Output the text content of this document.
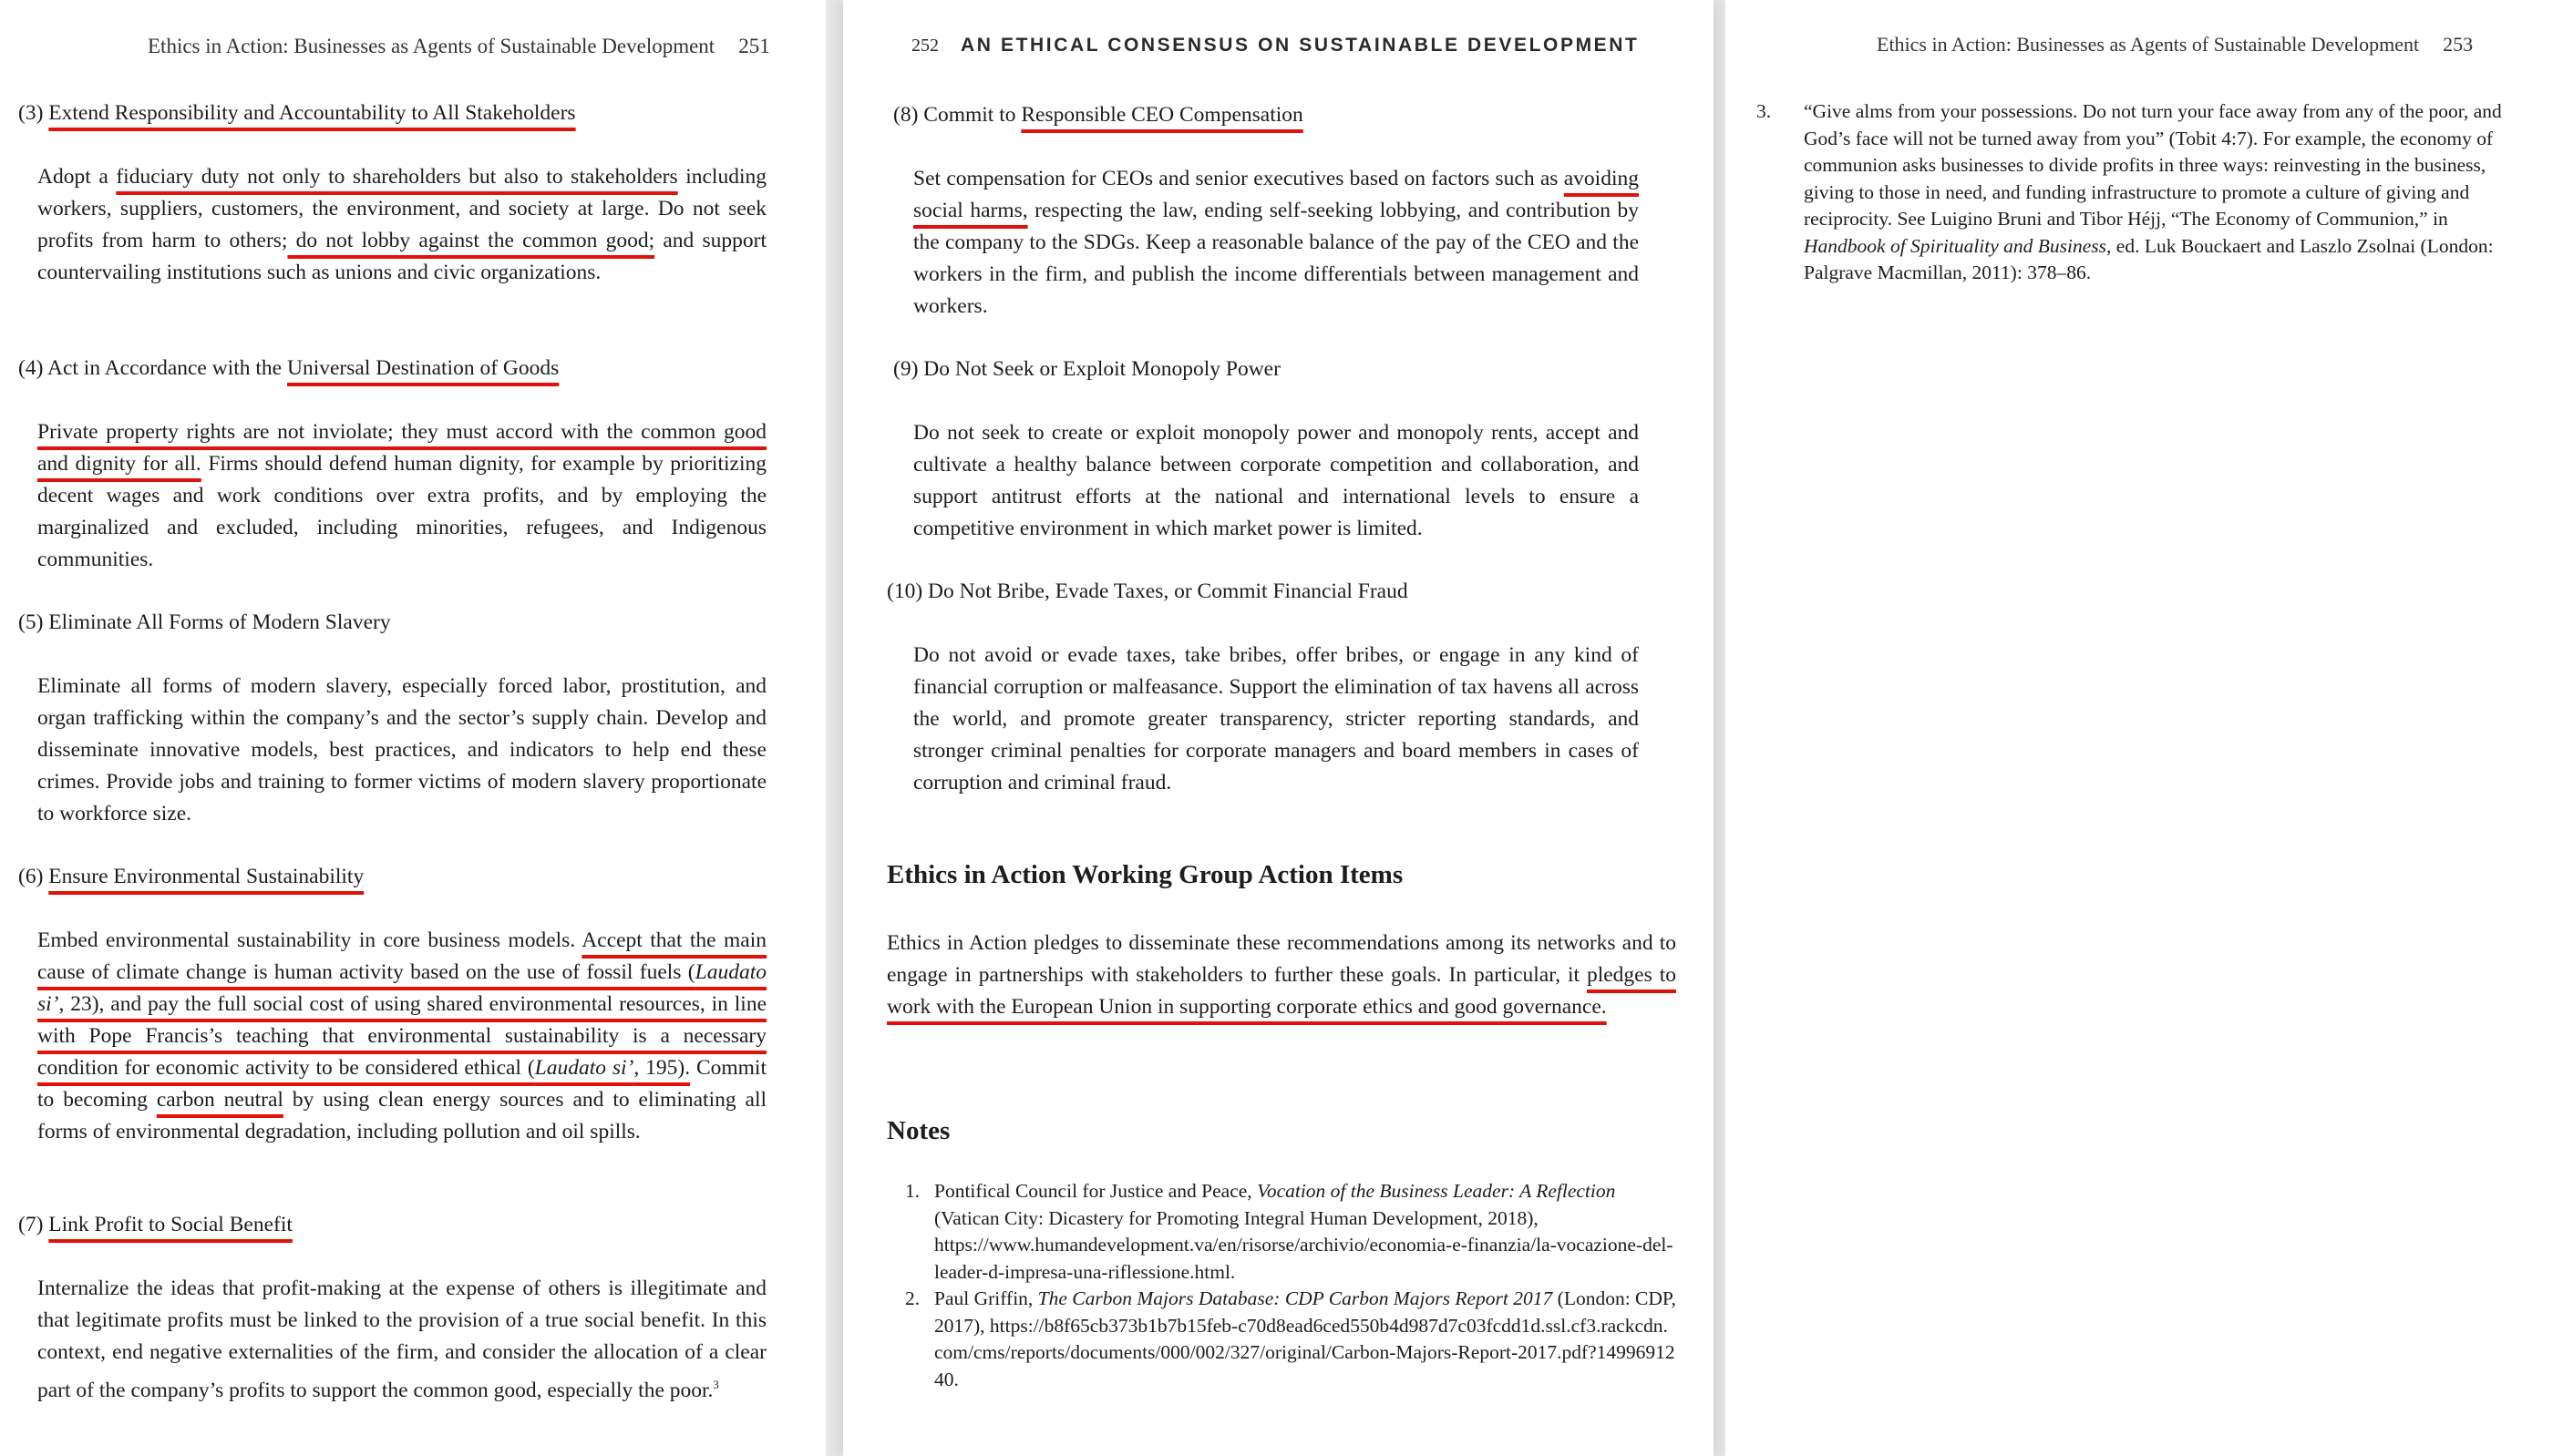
Ethics in Action: Businesses as Agents of Sustainable Development 251
(3) Extend Responsibility and Accountability to All Stakeholders
Adopt a fiduciary duty not only to shareholders but also to stakeholders including workers, suppliers, customers, the environment, and society at large. Do not seek profits from harm to others; do not lobby against the common good; and support countervailing institutions such as unions and civic organizations.
(4) Act in Accordance with the Universal Destination of Goods
Private property rights are not inviolate; they must accord with the common good and dignity for all. Firms should defend human dignity, for example by prioritizing decent wages and work conditions over extra profits, and by employing the marginalized and excluded, including minorities, refugees, and Indigenous communities.
(5) Eliminate All Forms of Modern Slavery
Eliminate all forms of modern slavery, especially forced labor, prostitution, and organ trafficking within the company’s and the sector’s supply chain. Develop and disseminate innovative models, best practices, and indicators to help end these crimes. Provide jobs and training to former victims of modern slavery proportionate to workforce size.
(6) Ensure Environmental Sustainability
Embed environmental sustainability in core business models. Accept that the main cause of climate change is human activity based on the use of fossil fuels (Laudato si’, 23), and pay the full social cost of using shared environmental resources, in line with Pope Francis’s teaching that environmental sustainability is a necessary condition for economic activity to be considered ethical (Laudato si’, 195). Commit to becoming carbon neutral by using clean energy sources and to eliminating all forms of environmental degradation, including pollution and oil spills.
(7) Link Profit to Social Benefit
Internalize the ideas that profit-making at the expense of others is illegitimate and that legitimate profits must be linked to the provision of a true social benefit. In this context, end negative externalities of the firm, and consider the allocation of a clear part of the company’s profits to support the common good, especially the poor.$^3$
252 AN ETHICAL CONSENSUS ON SUSTAINABLE DEVELOPMENT
(8) Commit to Responsible CEO Compensation
Set compensation for CEOs and senior executives based on factors such as avoiding social harms, respecting the law, ending self-seeking lobbying, and contribution by the company to the SDGs. Keep a reasonable balance of the pay of the CEO and the workers in the firm, and publish the income differentials between management and workers.
(9) Do Not Seek or Exploit Monopoly Power
Do not seek to create or exploit monopoly power and monopoly rents, accept and cultivate a healthy balance between corporate competition and collaboration, and support antitrust efforts at the national and international levels to ensure a competitive environment in which market power is limited.
(10) Do Not Bribe, Evade Taxes, or Commit Financial Fraud
Do not avoid or evade taxes, take bribes, offer bribes, or engage in any kind of financial corruption or malfeasance. Support the elimination of tax havens all across the world, and promote greater transparency, stricter reporting standards, and stronger criminal penalties for corporate managers and board members in cases of corruption and criminal fraud.
Ethics in Action Working Group Action Items
Ethics in Action pledges to disseminate these recommendations among its networks and to engage in partnerships with stakeholders to further these goals. In particular, it pledges to work with the European Union in supporting corporate ethics and good governance.
Notes
1. Pontifical Council for Justice and Peace, Vocation of the Business Leader: A Reflection (Vatican City: Dicastery for Promoting Integral Human Development, 2018), https://www.humandevelopment.va/en/risorse/archivio/economia-e-finanzia/la-vocazione-del-leader-d-impresa-una-riflessione.html.
2. Paul Griffin, The Carbon Majors Database: CDP Carbon Majors Report 2017 (London: CDP, 2017), https://b8f65cb373b1b7b15feb-c70d8ead6ced550b4d987d7c03fcdd1d.ssl.cf3.rackcdn.com/cms/reports/documents/000/002/327/original/Carbon-Majors-Report-2017.pdf?1499691240.
Ethics in Action: Businesses as Agents of Sustainable Development 253
3. “Give alms from your possessions. Do not turn your face away from any of the poor, and God’s face will not be turned away from you” (Tobit 4:7). For example, the economy of communion asks businesses to divide profits in three ways: reinvesting in the business, giving to those in need, and funding infrastructure to promote a culture of giving and reciprocity. See Luigino Bruni and Tibor Héjj, “The Economy of Communion,” in Handbook of Spirituality and Business, ed. Luk Bouckaert and Laszlo Zsolnai (London: Palgrave Macmillan, 2011): 378–86.
